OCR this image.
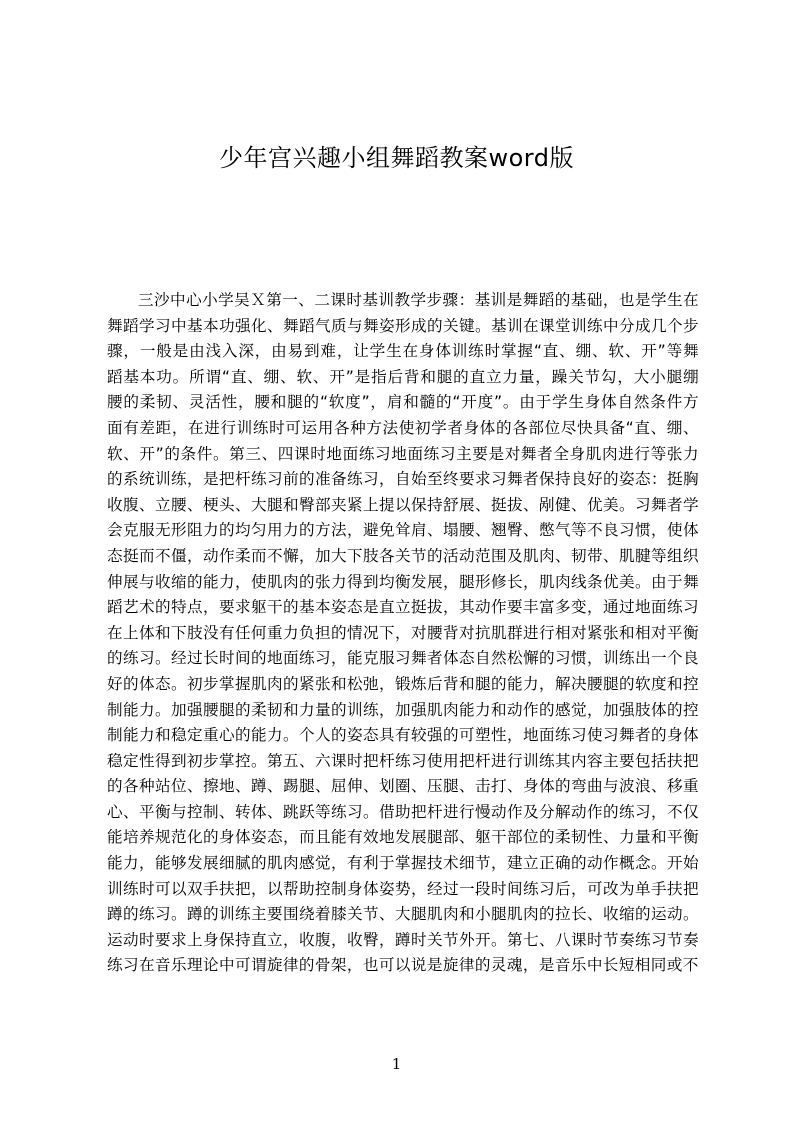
少年宫兴趣小组舞蹈教案word版

三沙中心小学吴Ｘ第一、二课时基训教学步骤：基训是舞蹈的基础，也是学生在舞蹈学习中基本功强化、舞蹈气质与舞姿形成的关键。基训在课堂训练中分成几个步骤，一般是由浅入深，由易到难，让学生在身体训练时掌握“直、绷、软、开”等舞蹈基本功。所谓“直、绷、软、开”是指后背和腿的直立力量，躁关节勾，大小腿绷腰的柔韧、灵活性，腰和腿的“软度”，肩和髓的“开度”。由于学生身体自然条件方面有差距，在进行训练时可运用各种方法使初学者身体的各部位尽快具备“直、绷、软、开”的条件。第三、四课时地面练习地面练习主要是对舞者全身肌肉进行等张力的系统训练，是把杆练习前的准备练习，自始至终要求习舞者保持良好的姿态：挺胸收腹、立腰、梗头、大腿和臀部夹紧上提以保持舒展、挺拔、剐健、优美。习舞者学会克服无形阻力的均匀用力的方法，避免耸肩、塌腰、翘臀、憋气等不良习惯，使体态挺而不僵，动作柔而不懈，加大下肢各关节的活动范围及肌肉、韧带、肌腱等组织伸展与收缩的能力，使肌肉的张力得到均衡发展，腿形修长，肌肉线条优美。由于舞蹈艺术的特点，要求躯干的基本姿态是直立挺拔，其动作要丰富多变，通过地面练习在上体和下肢没有任何重力负担的情况下，对腰背对抗肌群进行相对紧张和相对平衡的练习。经过长时间的地面练习，能克服习舞者体态自然松懈的习惯，训练出一个良好的体态。初步掌握肌肉的紧张和松弛，锻炼后背和腿的能力，解决腰腿的软度和控制能力。加强腰腿的柔韧和力量的训练，加强肌肉能力和动作的感觉，加强肢体的控制能力和稳定重心的能力。个人的姿态具有较强的可塑性，地面练习使习舞者的身体稳定性得到初步掌控。第五、六课时把杆练习使用把杆进行训练其内容主要包括扶把的各种站位、擦地、蹲、踢腿、屈伸、划圈、压腿、击打、身体的弯曲与波浪、移重心、平衡与控制、转体、跳跃等练习。借助把杆进行慢动作及分解动作的练习，不仅能培养规范化的身体姿态，而且能有效地发展腿部、躯干部位的柔韧性、力量和平衡能力，能够发展细腻的肌肉感觉，有利于掌握技术细节，建立正确的动作概念。开始训练时可以双手扶把，以帮助控制身体姿势，经过一段时间练习后，可改为单手扶把蹲的练习。蹲的训练主要围绕着膝关节、大腿肌肉和小腿肌肉的拉长、收缩的运动。运动时要求上身保持直立，收腹，收臀，蹲时关节外开。第七、八课时节奏练习节奏练习在音乐理论中可谓旋律的骨架，也可以说是旋律的灵魂，是音乐中长短相同或不

1
